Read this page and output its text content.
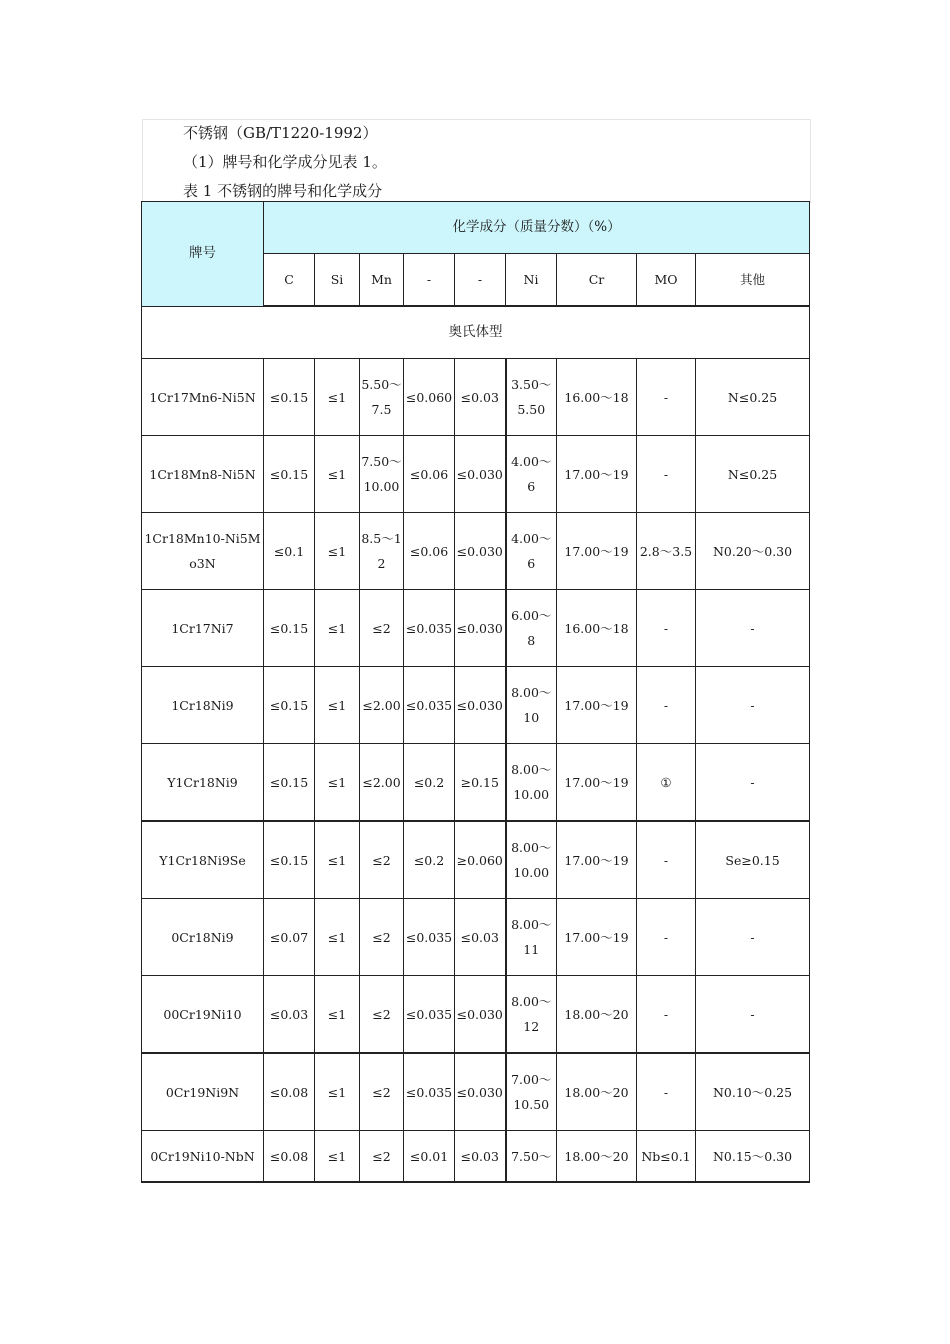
不锈钢（GB/T1220-1992）
（1）牌号和化学成分见表 1。
表 1 不锈钢的牌号和化学成分
牌号	化学成分（质量分数）（%）								
	C	Si	Mn	-	-	Ni	Cr	MO	其他
奥氏体型									
1Cr17Mn6-Ni5N	≤0.15	≤1	5.50～7.5	≤0.060	≤0.03	3.50～5.50	16.00～18	-	N≤0.25
1Cr18Mn8-Ni5N	≤0.15	≤1	7.50～10.00	≤0.06	≤0.030	4.00～6	17.00～19	-	N≤0.25
1Cr18Mn10-Ni5Mo3N	≤0.1	≤1	8.5～12	≤0.06	≤0.030	4.00～6	17.00～19	2.8～3.5	N0.20～0.30
1Cr17Ni7	≤0.15	≤1	≤2	≤0.035	≤0.030	6.00～8	16.00～18	-	-
1Cr18Ni9	≤0.15	≤1	≤2.00	≤0.035	≤0.030	8.00～10	17.00～19	-	-
Y1Cr18Ni9	≤0.15	≤1	≤2.00	≤0.2	≥0.15	8.00～10.00	17.00～19	①	-
Y1Cr18Ni9Se	≤0.15	≤1	≤2	≤0.2	≥0.060	8.00～10.00	17.00～19	-	Se≥0.15
0Cr18Ni9	≤0.07	≤1	≤2	≤0.035	≤0.03	8.00～11	17.00～19	-	-
00Cr19Ni10	≤0.03	≤1	≤2	≤0.035	≤0.030	8.00～12	18.00～20	-	-
0Cr19Ni9N	≤0.08	≤1	≤2	≤0.035	≤0.030	7.00～10.50	18.00～20	-	N0.10～0.25
0Cr19Ni10-NbN	≤0.08	≤1	≤2	≤0.01	≤0.03	7.50～	18.00～20	Nb≤0.1	N0.15～0.30
